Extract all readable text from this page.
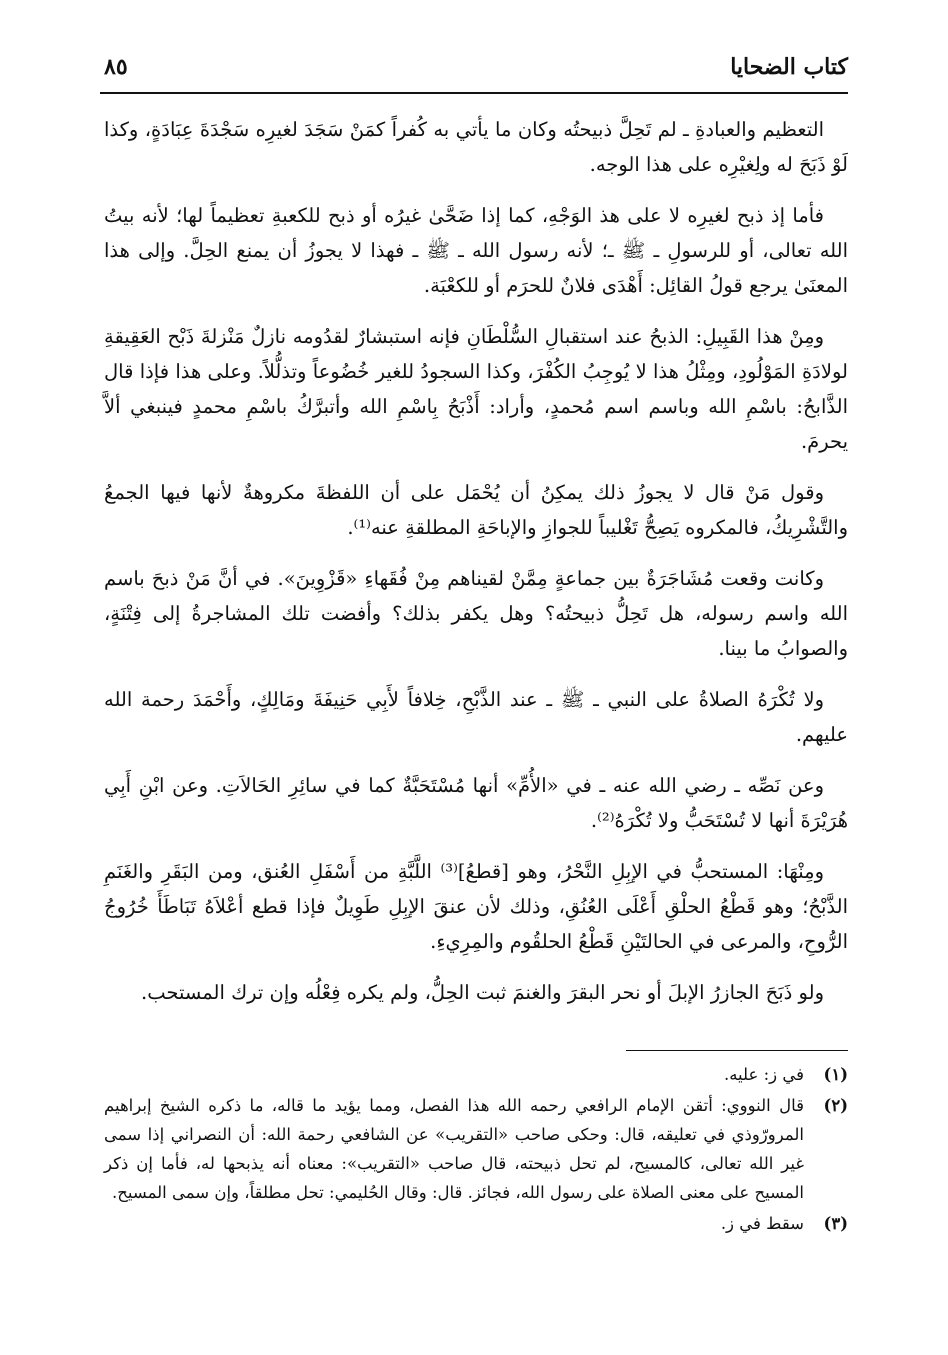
كتاب الضحايا
٨٥

التعظيم والعبادةِ ـ لم تَحِلَّ ذبيحتُه وكان ما يأتي به كُفراً كمَنْ سَجَدَ لغيرِه سَجْدَةَ عِبَادَةٍ، وكذا لَوْ ذَبَحَ له ولِغيْرِه على هذا الوجه.

فأما إذ ذبح لغيرِه لا على هذ الوَجْهِ، كما إذا ضَحَّىٰ غيرُه أو ذبح للكعبةِ تعظيماً لها؛ لأنه بيتُ الله تعالى، أو للرسولِ ـ ﷺ ـ؛ لأنه رسول الله ـ ﷺ ـ فهذا لا يجوزُ أن يمنع الحِلَّ. وإلى هذا المعنَىٰ يرجع قولُ القائِل: أَهْدَى فلانٌ للحرَم أو للكعْبَة.

ومِنْ هذا القَبِيلِ: الذبحُ عند استقبالِ السُّلْطَانِ فإنه استبشارٌ لقدُومه نازلٌ مَنْزلةَ ذَبْح العَقِيقةِ لولادَةِ المَوْلُودِ، ومِثْلُ هذا لا يُوجِبُ الكُفْرَ، وكذا السجودُ للغير خُضُوعاً وتذلُّلاً. وعلى هذا فإذا قال الذَّابحُ: باسْمِ الله وباسم اسم مُحمدٍ، وأراد: أَذْبَحُ بِاسْمِ الله وأتبرَّكُ باسْمِ محمدٍ فينبغي ألاَّ يحرمَ.

وقول مَنْ قال لا يجوزُ ذلك يمكِنُ أن يُحْمَل على أن اللفظةَ مكروهةٌ لأنها فيها الجمعُ والتَّشْرِيكُ، فالمكروه يَصِحُّ تَغْليباً للجوازِ والإباحَةِ المطلقةِ عنه⁽¹⁾.

وكانت وقعت مُشَاجَرَةٌ بين جماعةٍ مِمَّنْ لقيناهم مِنْ فُقَهاءِ «قَزْوِينَ». في أنَّ مَنْ ذبحَ باسم الله واسم رسوله، هل تَحِلُّ ذبيحتُه؟ وهل يكفر بذلك؟ وأفضت تلك المشاجرةُ إلى فِتْنَةٍ، والصوابُ ما بينا.

ولا تُكْرَهُ الصلاةُ على النبي ـ ﷺ ـ عند الذَّبْحِ، خِلافاً لأَبِي حَنِيفَةَ ومَالِكٍ، وأَحْمَدَ رحمة الله عليهم.

وعن نَصِّه ـ رضي الله عنه ـ في «الأُمِّ» أنها مُسْتَحَبَّةٌ كما في سائِرِ الحَالاَتِ. وعن ابْنِ أَبِي هُرَيْرَةَ أنها لا تُسْتَحَبُّ ولا تُكْرَهُ⁽²⁾.

ومِنْهَا: المستحبُّ في الإبِلِ النَّحْرُ، وهو [قطعُ]⁽³⁾ اللَّبَّةِ من أَسْفَلِ العُنق، ومن البَقَرِ والغَنَمِ الذَّبْحُ؛ وهو قَطْعُ الحلْقِ أَعْلَى العُنُقِ، وذلك لأن عنقَ الإبِلِ طَوِيلٌ فإذا قطع أعْلاَهُ تَبَاطَأَ خُرُوجُ الرُّوحِ، والمرعى في الحالتَيْنِ قَطْعُ الحلقُوم والمِرِيءِ.

ولو ذَبَحَ الجازرُ الإبلَ أو نحر البقرَ والغنمَ ثبت الحِلُّ، ولم يكره فِعْلُه وإن ترك المستحب.

(١)
في ز: عليه.
(٢)
قال النووي: أتقن الإمام الرافعي رحمه الله هذا الفصل، ومما يؤيد ما قاله، ما ذكره الشيخ إبراهيم المرورّوذي في تعليقه، قال: وحكى صاحب «التقريب» عن الشافعي رحمة الله: أن النصراني إذا سمى غير الله تعالى، كالمسيح، لم تحل ذبيحته، قال صاحب «التقريب»: معناه أنه يذبحها له، فأما إن ذكر المسيح على معنى الصلاة على رسول الله، فجائز. قال: وقال الحُليمي: تحل مطلقاً، وإن سمى المسيح.
(٣)
سقط في ز.
